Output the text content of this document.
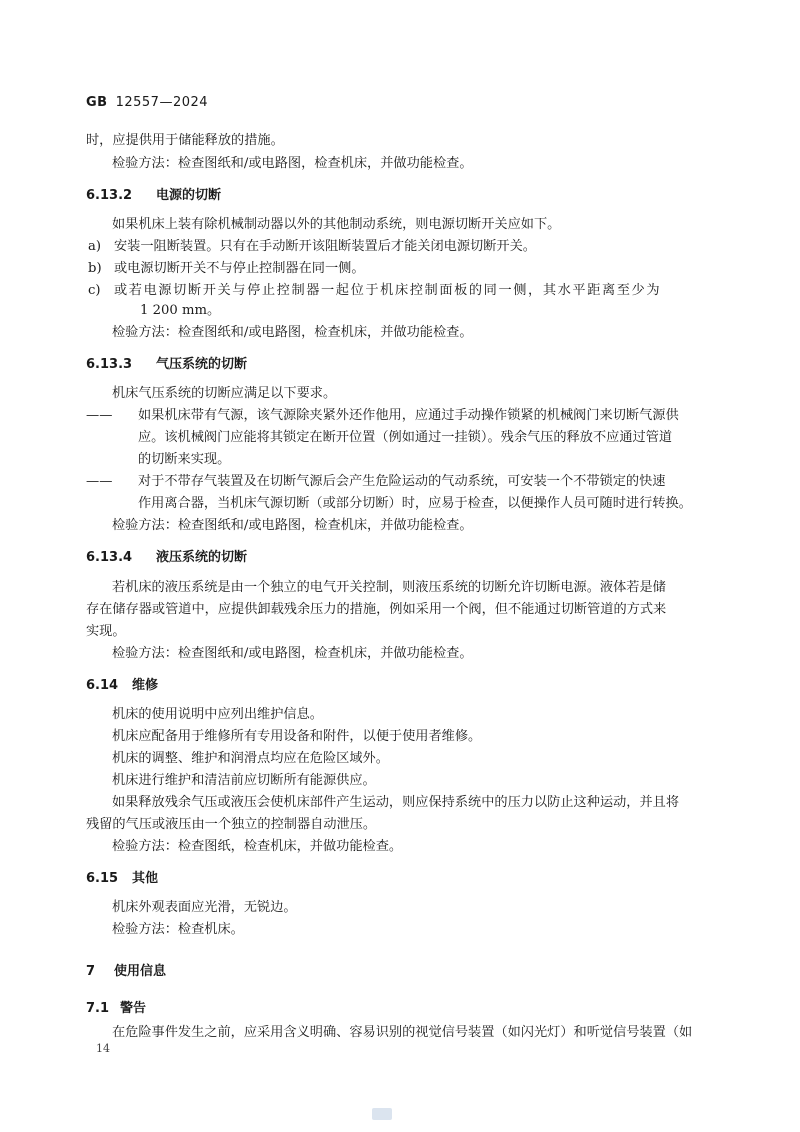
GB 12557—2024
时，应提供用于储能释放的措施。
检验方法：检查图纸和/或电路图，检查机床，并做功能检查。
6.13.2 电源的切断
如果机床上装有除机械制动器以外的其他制动系统，则电源切断开关应如下。
a) 安装一阻断装置。只有在手动断开该阻断装置后才能关闭电源切断开关。
b) 或电源切断开关不与停止控制器在同一侧。
c) 或若电源切断开关与停止控制器一起位于机床控制面板的同一侧，其水平距离至少为
1 200 mm。
检验方法：检查图纸和/或电路图，检查机床，并做功能检查。
6.13.3 气压系统的切断
机床气压系统的切断应满足以下要求。
—— 如果机床带有气源，该气源除夹紧外还作他用，应通过手动操作锁紧的机械阀门来切断气源供
应。该机械阀门应能将其锁定在断开位置（例如通过一挂锁）。残余气压的释放不应通过管道
的切断来实现。
—— 对于不带存气装置及在切断气源后会产生危险运动的气动系统，可安装一个不带锁定的快速
作用离合器，当机床气源切断（或部分切断）时，应易于检查，以便操作人员可随时进行转换。
检验方法：检查图纸和/或电路图，检查机床，并做功能检查。
6.13.4 液压系统的切断
若机床的液压系统是由一个独立的电气开关控制，则液压系统的切断允许切断电源。液体若是储
存在储存器或管道中，应提供卸载残余压力的措施，例如采用一个阀，但不能通过切断管道的方式来
实现。
检验方法：检查图纸和/或电路图，检查机床，并做功能检查。
6.14 维修
机床的使用说明中应列出维护信息。
机床应配备用于维修所有专用设备和附件，以便于使用者维修。
机床的调整、维护和润滑点均应在危险区域外。
机床进行维护和清洁前应切断所有能源供应。
如果释放残余气压或液压会使机床部件产生运动，则应保持系统中的压力以防止这种运动，并且将
残留的气压或液压由一个独立的控制器自动泄压。
检验方法：检查图纸，检查机床，并做功能检查。
6.15 其他
机床外观表面应光滑，无锐边。
检验方法：检查机床。
7 使用信息
7.1 警告
在危险事件发生之前，应采用含义明确、容易识别的视觉信号装置（如闪光灯）和听觉信号装置（如
14
